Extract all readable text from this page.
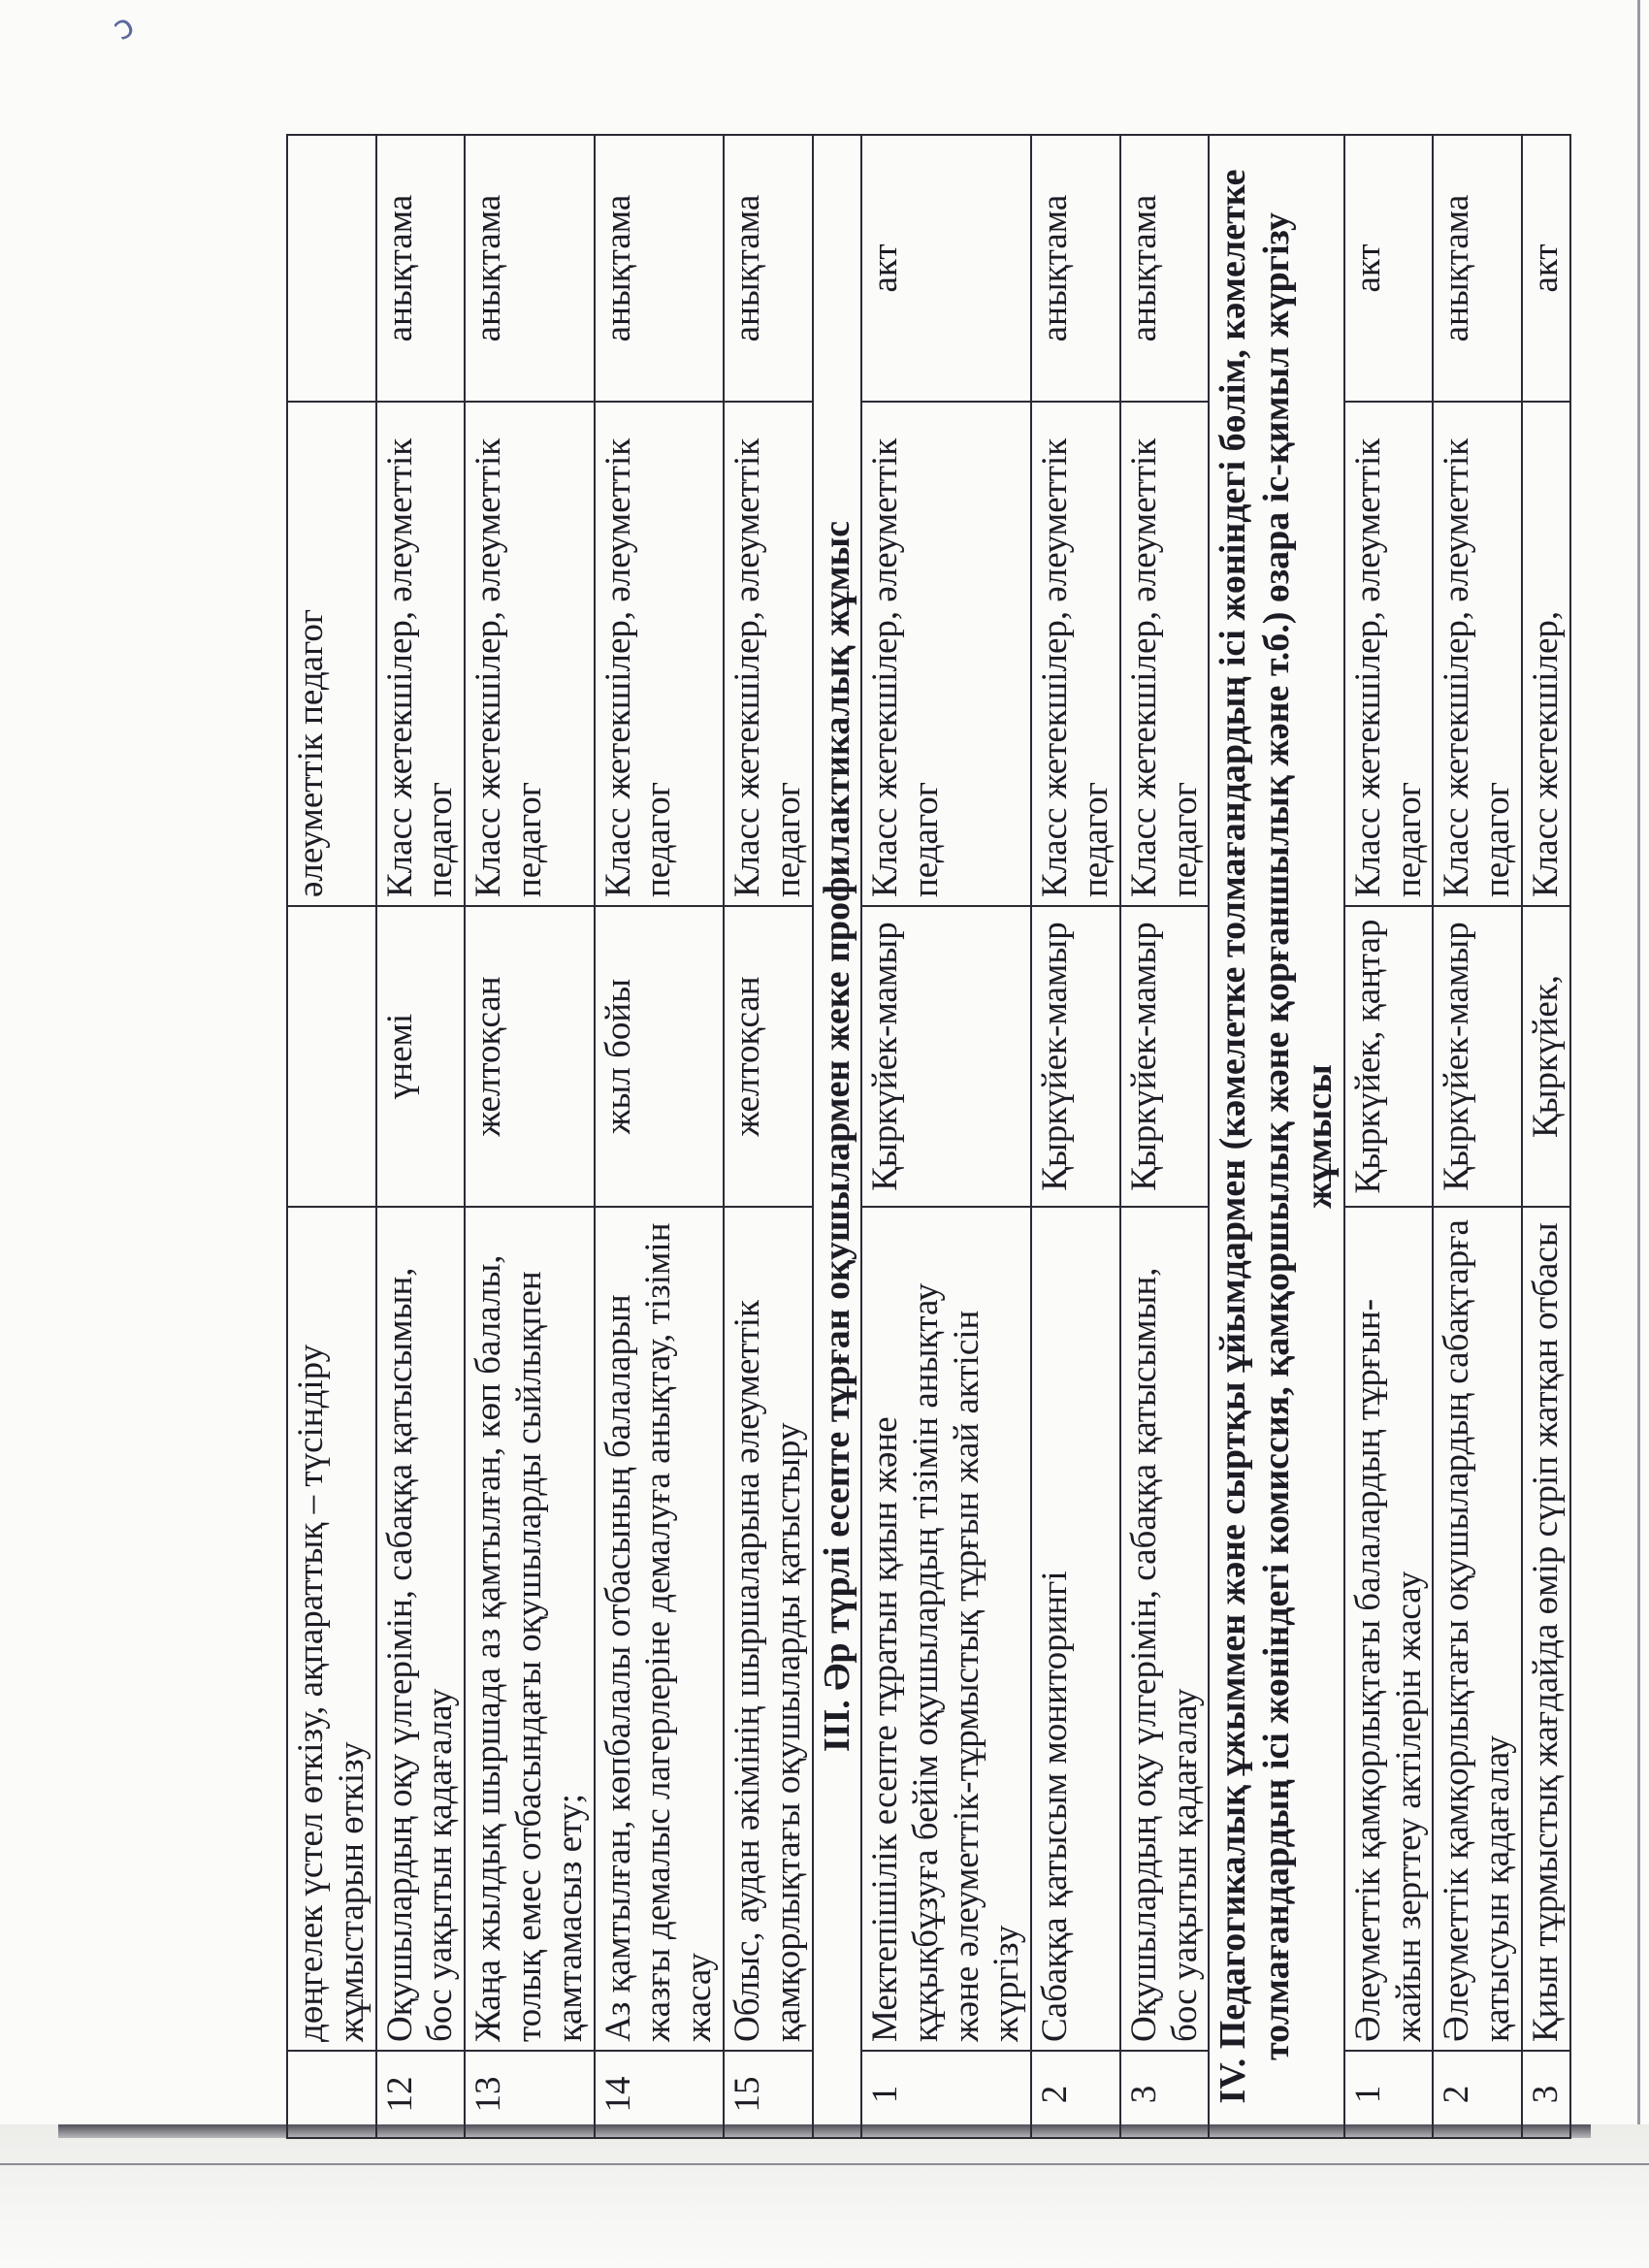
ↄ
	дөңгелек үстел өткізу, ақпараттық – түсіндіру жұмыстарын өткізу		әлеуметтік педагог	
12	Оқушылардың оқу үлгерімін, сабаққа қатысымын, бос уақытын қадағалау	үнемі	Класс жетекшілер, әлеуметтік педагог	анықтама
13	Жаңа жылдық шыршада аз қамтылған, көп балалы, толық емес отбасындағы оқушыларды сыйлықпен қамтамасыз ету;	желтоқсан	Класс жетекшілер, әлеуметтік педагог	анықтама
14	Аз қамтылған, көпбалалы отбасының балаларын жазғы демалыс лагерлеріне демалуға анықтау, тізімін жасау	жыл бойы	Класс жетекшілер, әлеуметтік педагог	анықтама
15	Облыс, аудан әкімінің шыршаларына әлеуметтік қамқорлықтағы оқушыларды қатыстыру	желтоқсан	Класс жетекшілер, әлеуметтік педагог	анықтама
III. Әр түрлі есепте тұрған оқушылармен жеке профилактикалық жұмыс				
1	Мектепішілік есепте тұратын қиын және құқықбұзуға бейім оқушылардың тізімін анықтау және әлеуметтік-тұрмыстық тұрғын жай актісін жүргізу	Қыркүйек-мамыр	Класс жетекшілер, әлеуметтік педагог	акт
2	Сабаққа қатысым мониторингі	Қыркүйек-мамыр	Класс жетекшілер, әлеуметтік педагог	анықтама
3	Оқушылардың оқу үлгерімін, сабаққа қатысымын, бос уақытын қадағалау	Қыркүйек-мамыр	Класс жетекшілер, әлеуметтік педагог	анықтама
IV. Педагогикалық ұжыммен және сыртқы ұйымдармен (кәмелетке толмағандардың ісі жөніндегі бөлім, кәмелетке толмағандардың ісі жөніндегі комиссия, қамқоршылық және қорғаншылық және т.б.) өзара іс-қимыл жүргізу жұмысы				
1	Әлеуметтік қамқорлықтағы балалардың тұрғын-жайын зерттеу актілерін жасау	Қыркүйек, қаңтар	Класс жетекшілер, әлеуметтік педагог	акт
2	Әлеуметтік қамқорлықтағы оқушылардың сабақтарға қатысуын қадағалау	Қыркүйек-мамыр	Класс жетекшілер, әлеуметтік педагог	анықтама
3	Қиын тұрмыстық жағдайда өмір сүріп жатқан отбасы	Қыркүйек,	Класс жетекшілер,	акт
